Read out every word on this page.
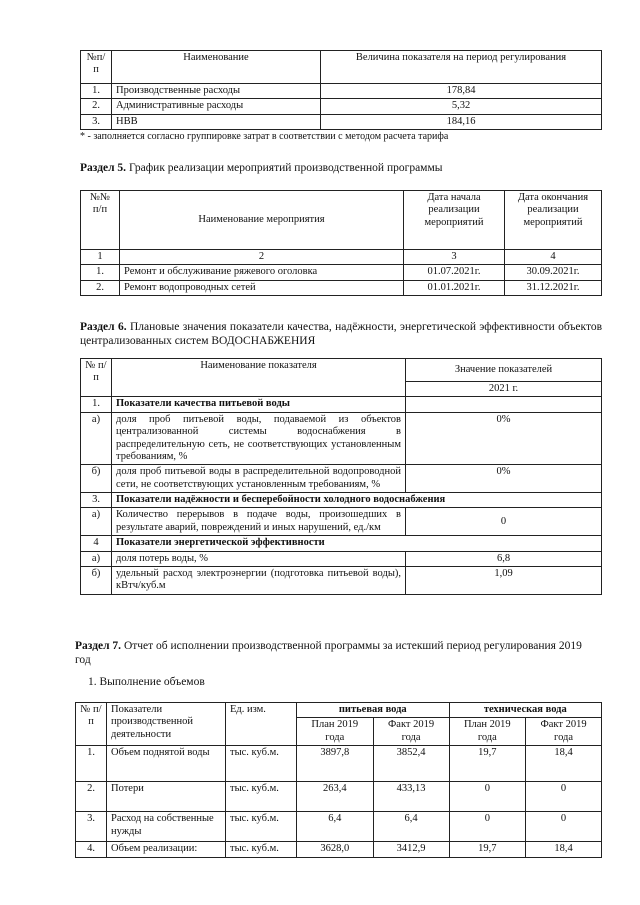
№п/п	Наименование	Величина показателя на период регулирования
1.	Производственные расходы	178,84
2.	Административные расходы	5,32
3.	НВВ	184,16
* - заполняется согласно группировке затрат в соответствии с методом расчета тарифа
Раздел 5. График реализации мероприятий производственной программы
№№ п/п	Наименование мероприятия	Дата начала реализации мероприятий	Дата окончания реализации мероприятий
1	2	3	4
1.	Ремонт и обслуживание ряжевого оголовка	01.07.2021г.	30.09.2021г.
2.	Ремонт водопроводных сетей	01.01.2021г.	31.12.2021г.
Раздел 6. Плановые значения показатели качества, надёжности, энергетической эффективности объектов централизованных систем ВОДОСНАБЖЕНИЯ
№ п/п	Наименование показателя	Значение показателей
		2021 г.
1.	Показатели качества питьевой воды	
а)	доля проб питьевой воды, подаваемой из объектов централизованной системы водоснабжения в распределительную сеть, не соответствующих установленным требованиям, %	0%
б)	доля проб питьевой воды в распределительной водопроводной сети, не соответствующих установленным требованиям, %	0%
3.	Показатели надёжности и бесперебойности холодного водоснабжения	
а)	Количество перерывов в подаче воды, произошедших в результате аварий, повреждений и иных нарушений, ед./км	0
4	Показатели энергетической эффективности	
а)	доля потерь воды, %	6,8
б)	удельный расход электроэнергии (подготовка питьевой воды), кВтч/куб.м	1,09
Раздел 7. Отчет об исполнении производственной программы за истекший период регулирования 2019 год
1. Выполнение объемов
№ п/п	Показатели производственной деятельности	Ед. изм.	питьевая вода		техническая вода	
			План 2019 года	Факт 2019 года	План 2019 года	Факт 2019 года
1.	Объем поднятой воды	тыс. куб.м.	3897,8	3852,4	19,7	18,4
2.	Потери	тыс. куб.м.	263,4	433,13	0	0
3.	Расход на собственные нужды	тыс. куб.м.	6,4	6,4	0	0
4.	Объем реализации:	тыс. куб.м.	3628,0	3412,9	19,7	18,4
